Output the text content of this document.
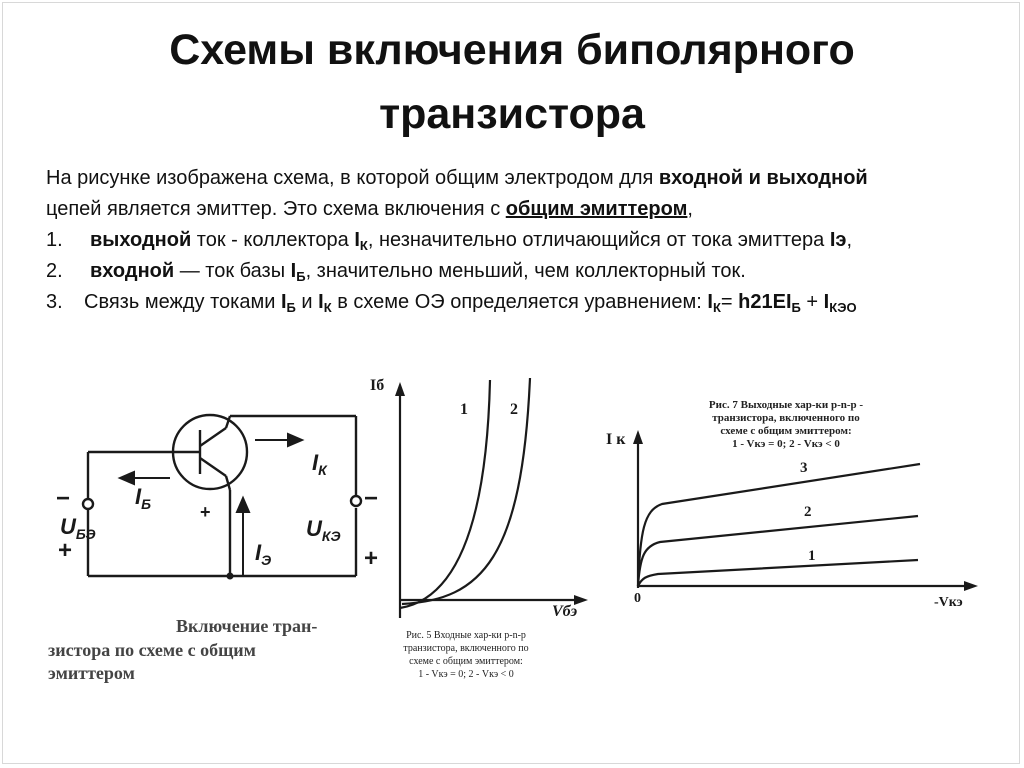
Схемы включения биполярного
транзистора

На рисунке изображена схема, в которой общим электродом для входной и выходной

цепей является эмиттер. Это схема включения с общим эмиттером,

1. выходной ток - коллектора $I_К$, незначительно отличающийся от тока эмиттера Iэ,

2. входной — ток базы $I_Б$, значительно меньший, чем коллекторный ток.

3. Связь между токами $I_Б$ и $I_К$ в схеме ОЭ определяется уравнением: $I_К= h21EI_Б + I_{КЭО}$

$I_Б$
$I_К$
$I_Э$
$U_{БЭ}$	$U_{КЭ}$
−
+
−
+
+
Включение тран-
зистора по схеме с общим
эмиттером
Iб
Vбэ
1	2
Рис. 5 Входные хар-ки р-n-р
транзистора, включенного по
схеме с общим эмиттером:
1 - Vкэ = 0; 2 - Vкэ < 0
Рис. 7 Выходные хар-ки р-n-р -
транзистора, включенного по
схеме с общим эмиттером:
1 - Vкэ = 0; 2 - Vкэ < 0
I к
-Vкэ
0
1
2
3
